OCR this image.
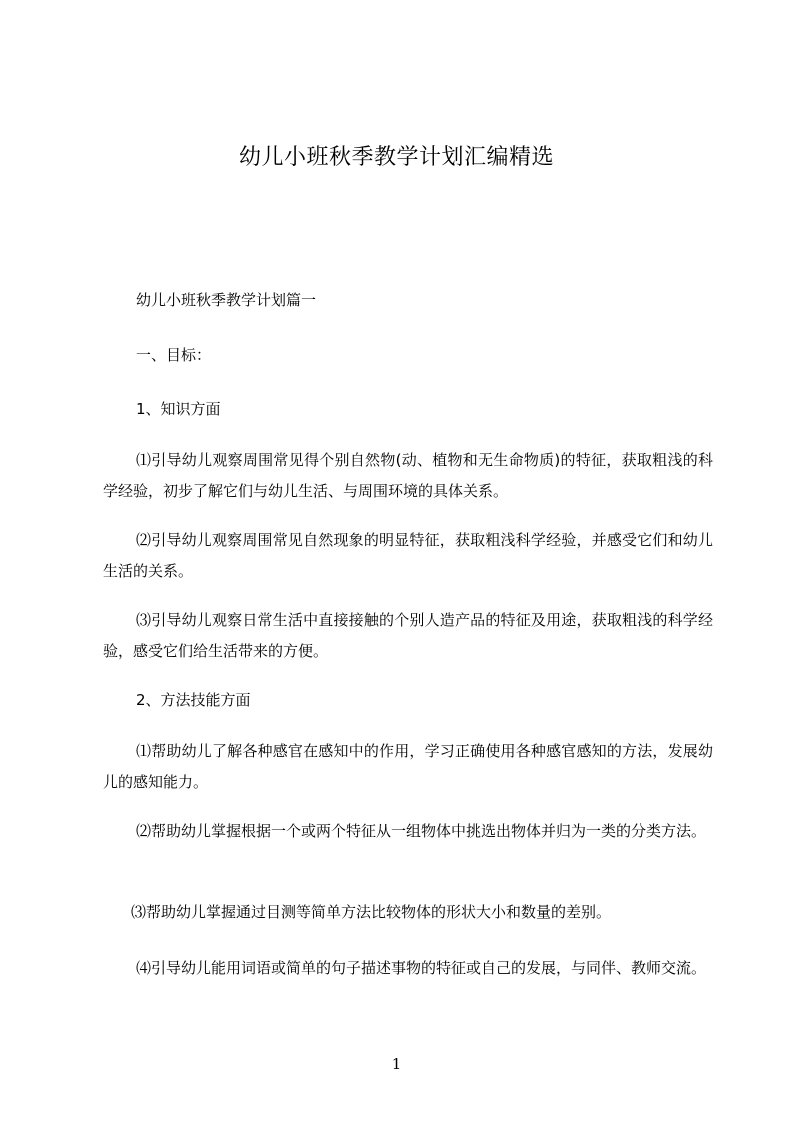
幼儿小班秋季教学计划汇编精选
幼儿小班秋季教学计划篇一
一、目标：
1、知识方面
⑴引导幼儿观察周围常见得个别自然物(动、植物和无生命物质)的特征，获取粗浅的科学经验，初步了解它们与幼儿生活、与周围环境的具体关系。
⑵引导幼儿观察周围常见自然现象的明显特征，获取粗浅科学经验，并感受它们和幼儿生活的关系。
⑶引导幼儿观察日常生活中直接接触的个别人造产品的特征及用途，获取粗浅的科学经验，感受它们给生活带来的方便。
2、方法技能方面
⑴帮助幼儿了解各种感官在感知中的作用，学习正确使用各种感官感知的方法，发展幼儿的感知能力。
⑵帮助幼儿掌握根据一个或两个特征从一组物体中挑选出物体并归为一类的分类方法。
⑶帮助幼儿掌握通过目测等简单方法比较物体的形状大小和数量的差别。
⑷引导幼儿能用词语或简单的句子描述事物的特征或自己的发展，与同伴、教师交流。
1
